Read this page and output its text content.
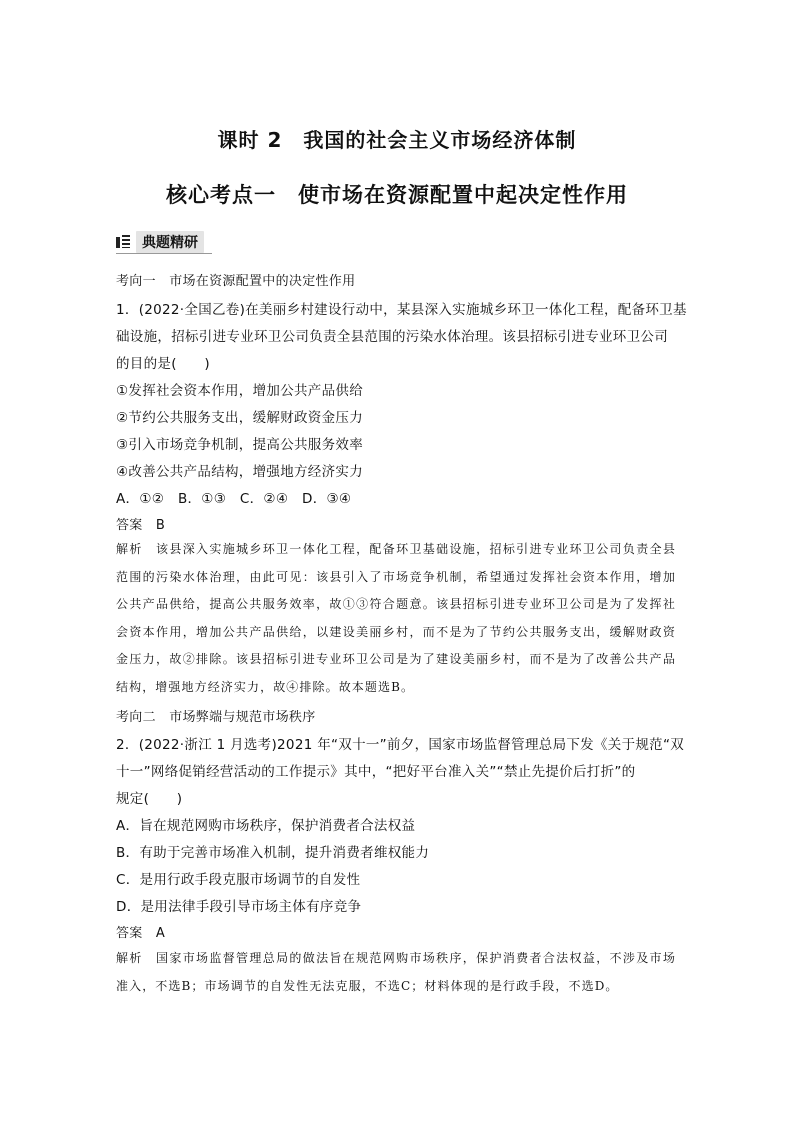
课时 2　我国的社会主义市场经济体制
核心考点一　使市场在资源配置中起决定性作用
典题精研
考向一　市场在资源配置中的决定性作用
1．(2022·全国乙卷)在美丽乡村建设行动中，某县深入实施城乡环卫一体化工程，配备环卫基
础设施，招标引进专业环卫公司负责全县范围的污染水体治理。该县招标引进专业环卫公司
的目的是(　　)
①发挥社会资本作用，增加公共产品供给
②节约公共服务支出，缓解财政资金压力
③引入市场竞争机制，提高公共服务效率
④改善公共产品结构，增强地方经济实力
A．①②　B．①③　C．②④　D．③④
答案　B
解析　该县深入实施城乡环卫一体化工程，配备环卫基础设施，招标引进专业环卫公司负责全县范围的污染水体治理，由此可见：该县引入了市场竞争机制，希望通过发挥社会资本作用，增加公共产品供给，提高公共服务效率，故①③符合题意。该县招标引进专业环卫公司是为了发挥社会资本作用，增加公共产品供给，以建设美丽乡村，而不是为了节约公共服务支出，缓解财政资金压力，故②排除。该县招标引进专业环卫公司是为了建设美丽乡村，而不是为了改善公共产品结构，增强地方经济实力，故④排除。故本题选B。
考向二　市场弊端与规范市场秩序
2．(2022·浙江 1 月选考)2021 年“双十一”前夕，国家市场监督管理总局下发《关于规范“双
十一”网络促销经营活动的工作提示》其中，“把好平台准入关”“禁止先提价后打折”的
规定(　　)
A．旨在规范网购市场秩序，保护消费者合法权益
B．有助于完善市场准入机制，提升消费者维权能力
C．是用行政手段克服市场调节的自发性
D．是用法律手段引导市场主体有序竞争
答案　A
解析　国家市场监督管理总局的做法旨在规范网购市场秩序，保护消费者合法权益，不涉及市场准入，不选B；市场调节的自发性无法克服，不选C；材料体现的是行政手段，不选D。
